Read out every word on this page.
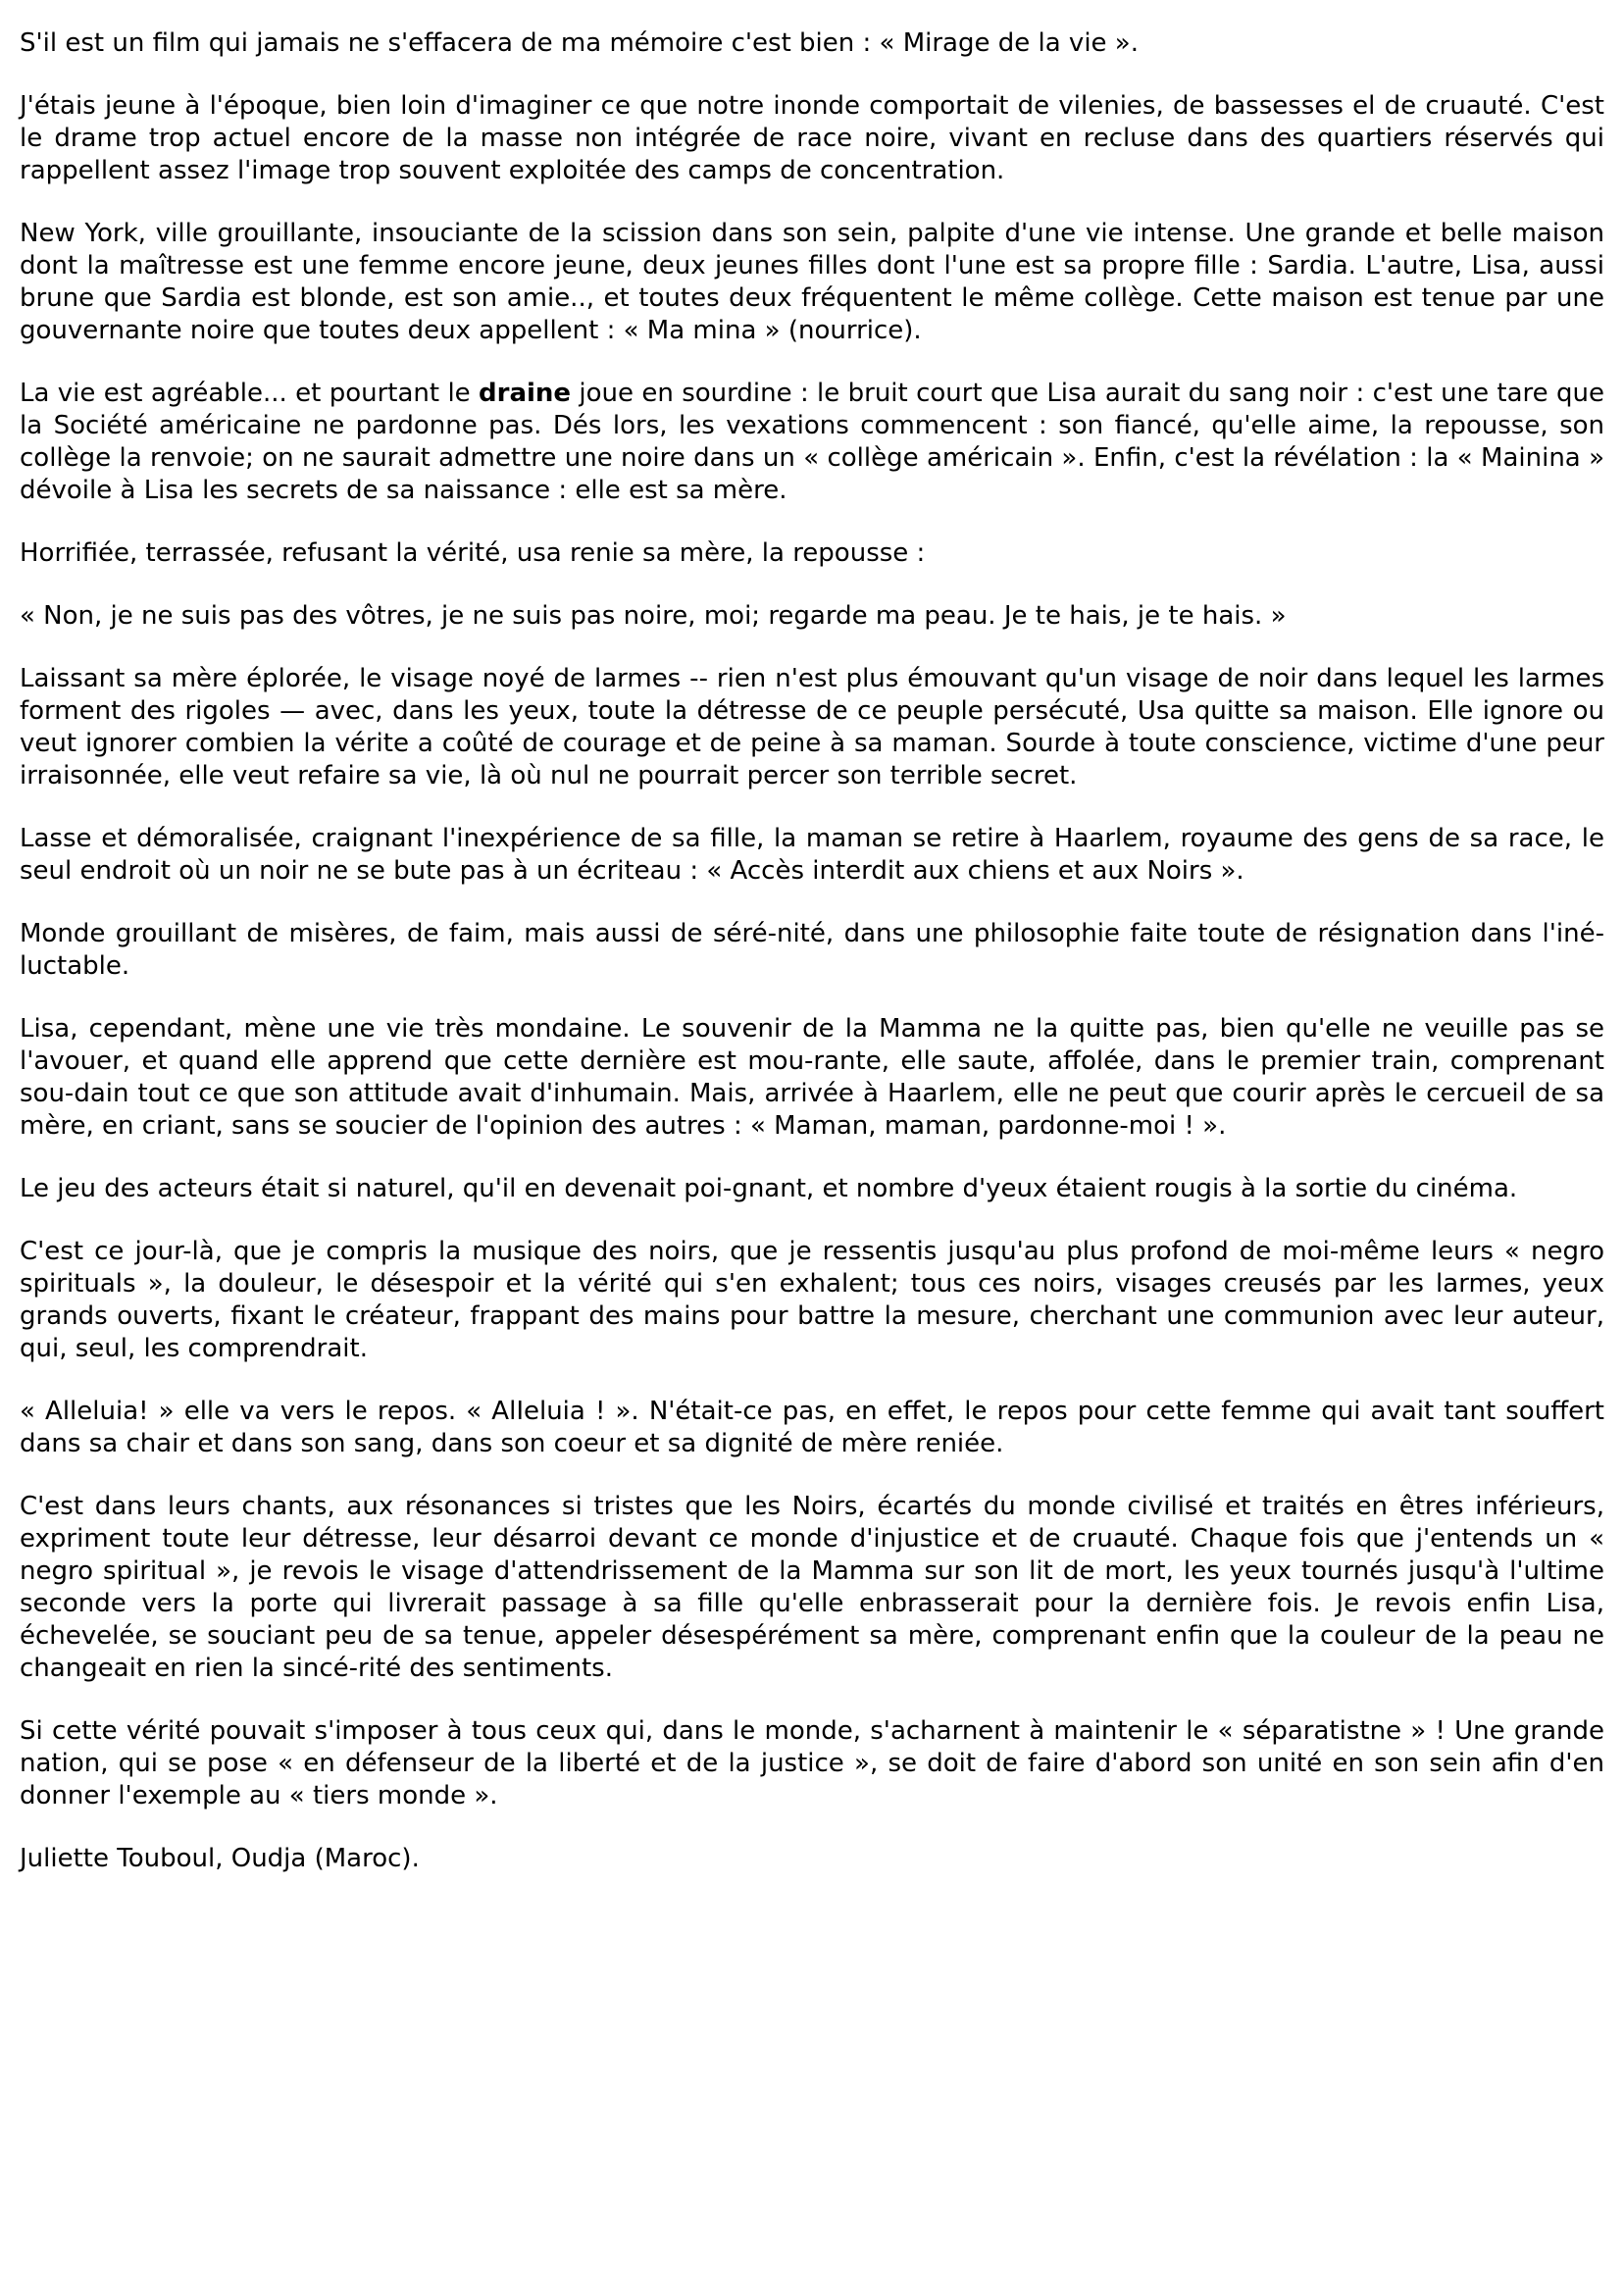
S'il est un film qui jamais ne s'effacera de ma mémoire c'est bien : « Mirage de la vie ».

J'étais jeune à l'époque, bien loin d'imaginer ce que notre inonde comportait de vilenies, de bassesses el de cruauté. C'est le drame trop actuel encore de la masse non intégrée de race noire, vivant en recluse dans des quartiers réservés qui rappellent assez l'image trop souvent exploitée des camps de concentration.

New York, ville grouillante, insouciante de la scission dans son sein, palpite d'une vie intense. Une grande et belle maison dont la maîtresse est une femme encore jeune, deux jeunes filles dont l'une est sa propre fille : Sardia. L'autre, Lisa, aussi brune que Sardia est blonde, est son amie.., et toutes deux fréquentent le même collège. Cette maison est tenue par une gouvernante noire que toutes deux appellent : « Ma mina » (nourrice).

La vie est agréable... et pourtant le draine joue en sourdine : le bruit court que Lisa aurait du sang noir : c'est une tare que la Société américaine ne pardonne pas. Dés lors, les vexations commencent : son fiancé, qu'elle aime, la repousse, son collège la renvoie; on ne saurait admettre une noire dans un « collège américain ». Enfin, c'est la révélation : la « Mainina » dévoile à Lisa les secrets de sa naissance : elle est sa mère.

Horrifiée, terrassée, refusant la vérité, usa renie sa mère, la repousse :

« Non, je ne suis pas des vôtres, je ne suis pas noire, moi; regarde ma peau. Je te hais, je te hais. »

Laissant sa mère éplorée, le visage noyé de larmes -- rien n'est plus émouvant qu'un visage de noir dans lequel les larmes forment des rigoles — avec, dans les yeux, toute la détresse de ce peuple persécuté, Usa quitte sa maison. Elle ignore ou veut ignorer combien la vérite a coûté de courage et de peine à sa maman. Sourde à toute conscience, victime d'une peur irraisonnée, elle veut refaire sa vie, là où nul ne pourrait percer son terrible secret.

Lasse et démoralisée, craignant l'inexpérience de sa fille, la maman se retire à Haarlem, royaume des gens de sa race, le seul endroit où un noir ne se bute pas à un écriteau : « Accès interdit aux chiens et aux Noirs ».

Monde grouillant de misères, de faim, mais aussi de séré-nité, dans une philosophie faite toute de résignation dans l'iné-luctable.

Lisa, cependant, mène une vie très mondaine. Le souvenir de la Mamma ne la quitte pas, bien qu'elle ne veuille pas se l'avouer, et quand elle apprend que cette dernière est mou-rante, elle saute, affolée, dans le premier train, comprenant sou-dain tout ce que son attitude avait d'inhumain. Mais, arrivée à Haarlem, elle ne peut que courir après le cercueil de sa mère, en criant, sans se soucier de l'opinion des autres : « Maman, maman, pardonne-moi ! ».

Le jeu des acteurs était si naturel, qu'il en devenait poi-gnant, et nombre d'yeux étaient rougis à la sortie du cinéma.

C'est ce jour-là, que je compris la musique des noirs, que je ressentis jusqu'au plus profond de moi-même leurs « negro spirituals », la douleur, le désespoir et la vérité qui s'en exhalent; tous ces noirs, visages creusés par les larmes, yeux grands ouverts, fixant le créateur, frappant des mains pour battre la mesure, cherchant une communion avec leur auteur, qui, seul, les comprendrait.

« Alleluia! » elle va vers le repos. « AlIeluia ! ». N'était-ce pas, en effet, le repos pour cette femme qui avait tant souffert dans sa chair et dans son sang, dans son coeur et sa dignité de mère reniée.

C'est dans leurs chants, aux résonances si tristes que les Noirs, écartés du monde civilisé et traités en êtres inférieurs, expriment toute leur détresse, leur désarroi devant ce monde d'injustice et de cruauté. Chaque fois que j'entends un « negro spiritual », je revois le visage d'attendrissement de la Mamma sur son lit de mort, les yeux tournés jusqu'à l'ultime seconde vers la porte qui livrerait passage à sa fille qu'elle enbrasserait pour la dernière fois. Je revois enfin Lisa, échevelée, se souciant peu de sa tenue, appeler désespérément sa mère, comprenant enfin que la couleur de la peau ne changeait en rien la sincé-rité des sentiments.

Si cette vérité pouvait s'imposer à tous ceux qui, dans le monde, s'acharnent à maintenir le « séparatistne » ! Une grande nation, qui se pose « en défenseur de la liberté et de la justice », se doit de faire d'abord son unité en son sein afin d'en donner l'exemple au « tiers monde ».

Juliette Touboul, Oudja (Maroc).
